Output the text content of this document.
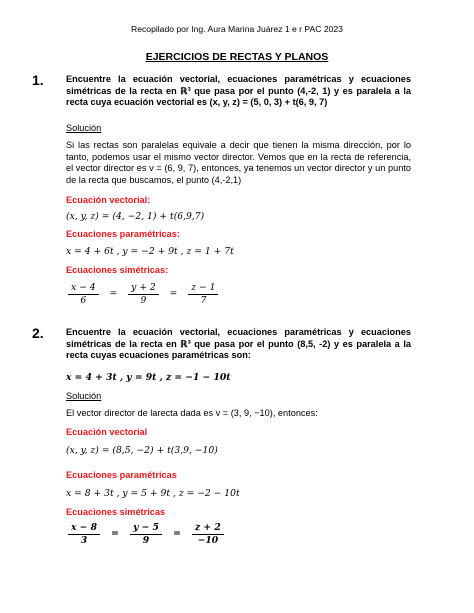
Recopilado por Ing. Aura Marina Juárez 1 e r PAC 2023
EJERCICIOS DE RECTAS Y PLANOS
1. Encuentre la ecuación vectorial, ecuaciones paramétricas y ecuaciones simétricas de la recta en ℝ³ que pasa por el punto (4,-2, 1) y es paralela a la recta cuya ecuación vectorial es (x, y, z) = (5, 0, 3) + t(6, 9, 7)
Solución
Si las rectas son paralelas equivale a decir que tienen la misma dirección, por lo tanto, podemos usar el mismo vector director. Vemos que en la recta de referencia, el vector director es v = (6, 9, 7), entonces, ya tenemos un vector director y un punto de la recta que buscamos, el punto (4,-2,1)
Ecuación vectorial:
(x, y, z) = (4, −2, 1) + t(6,9,7)
Ecuaciones paramétricas:
x = 4 + 6t , y = −2 + 9t , z = 1 + 7t
Ecuaciones simétricas:
$\frac{x - 4}{6} = \frac{y + 2}{9} = \frac{z - 1}{7}$
2. Encuentre la ecuación vectorial, ecuaciones paramétricas y ecuaciones simétricas de la recta en ℝ³ que pasa por el punto (8,5, -2) y es paralela a la recta cuyas ecuaciones paramétricas son:
x = 4 + 3t , y = 9t , z = −1 − 10t
Solución
El vector director de larecta dada es v = (3, 9, −10), entonces:
Ecuación vectorial
(x, y, z) = (8,5, −2) + t(3,9, −10)
Ecuaciones paramétricas
x = 8 + 3t , y = 5 + 9t , z = −2 − 10t
Ecuaciones simétricas
$\frac{x - 8}{3} = \frac{y - 5}{9} = \frac{z + 2}{-10}$
